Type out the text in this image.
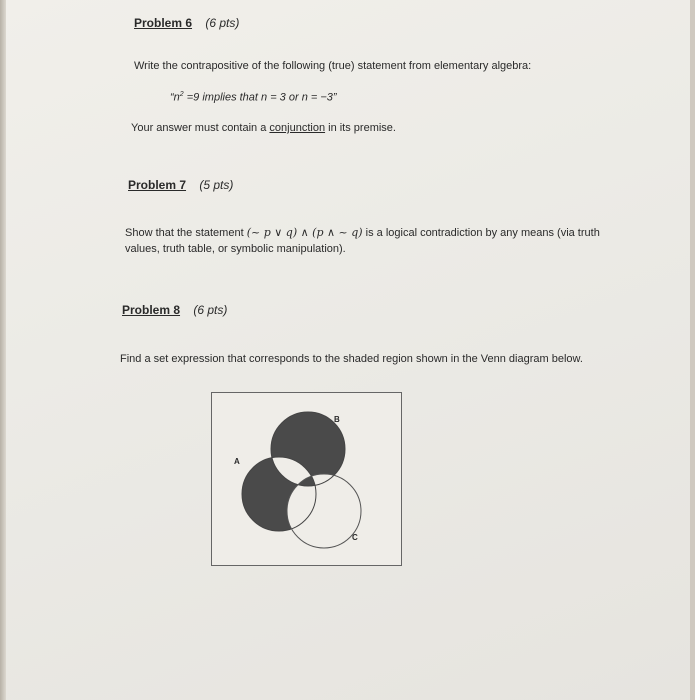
Problem 6 (6 pts)
Write the contrapositive of the following (true) statement from elementary algebra:
“$n^2 =9$ implies that n = 3 or n = −3”
Your answer must contain a conjunction in its premise.
Problem 7 (5 pts)
Show that the statement (~ p ∨ q) ∧ (p ∧ ~ q) is a logical contradiction by any means (via truth
values, truth table, or symbolic manipulation).
Problem 8 (6 pts)
Find a set expression that corresponds to the shaded region shown in the Venn diagram below.
B
A
C
